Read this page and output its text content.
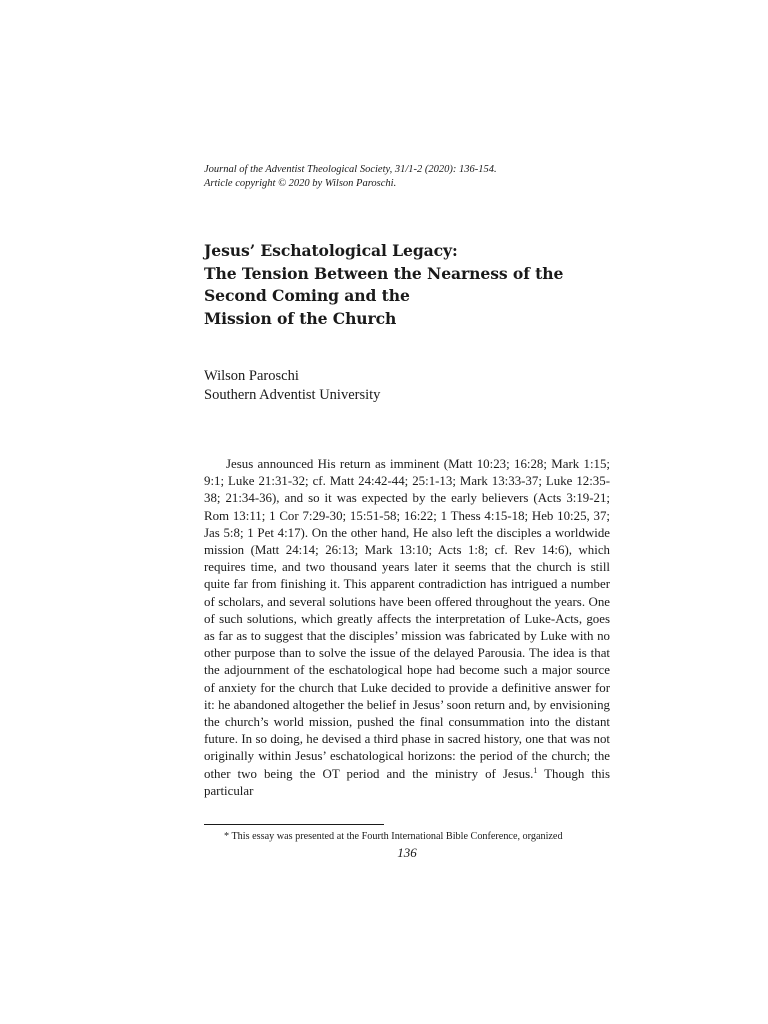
Journal of the Adventist Theological Society, 31/1-2 (2020): 136-154.
Article copyright © 2020 by Wilson Paroschi.
Jesus’ Eschatological Legacy:
The Tension Between the Nearness of the
Second Coming and the
Mission of the Church
Wilson Paroschi
Southern Adventist University

Jesus announced His return as imminent (Matt 10:23; 16:28; Mark 1:15; 9:1; Luke 21:31-32; cf. Matt 24:42-44; 25:1-13; Mark 13:33-37; Luke 12:35-38; 21:34-36), and so it was expected by the early believers (Acts 3:19-21; Rom 13:11; 1 Cor 7:29-30; 15:51-58; 16:22; 1 Thess 4:15-18; Heb 10:25, 37; Jas 5:8; 1 Pet 4:17). On the other hand, He also left the disciples a worldwide mission (Matt 24:14; 26:13; Mark 13:10; Acts 1:8; cf. Rev 14:6), which requires time, and two thousand years later it seems that the church is still quite far from finishing it. This apparent contradiction has intrigued a number of scholars, and several solutions have been offered throughout the years. One of such solutions, which greatly affects the interpretation of Luke-Acts, goes as far as to suggest that the disciples’ mission was fabricated by Luke with no other purpose than to solve the issue of the delayed Parousia. The idea is that the adjournment of the eschatological hope had become such a major source of anxiety for the church that Luke decided to provide a definitive answer for it: he abandoned altogether the belief in Jesus’ soon return and, by envisioning the church’s world mission, pushed the final consummation into the distant future. In so doing, he devised a third phase in sacred history, one that was not originally within Jesus’ eschatological horizons: the period of the church; the other two being the OT period and the ministry of Jesus.$^1$ Though this particular

* This essay was presented at the Fourth International Bible Conference, organized
136
